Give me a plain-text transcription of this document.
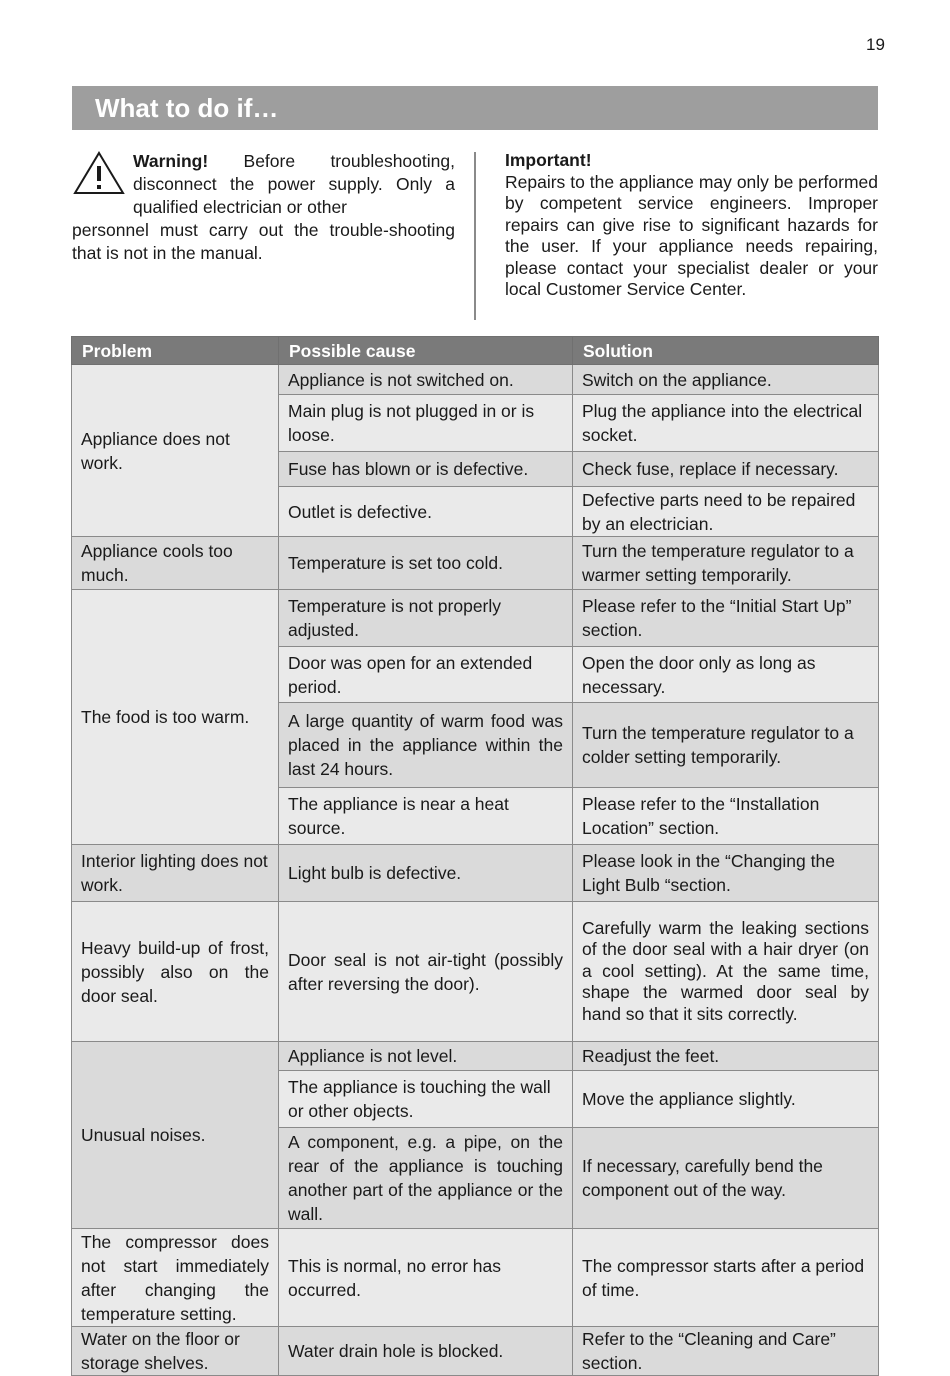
19
What to do if…
Warning! Before troubleshooting, disconnect the power supply. Only a qualified electrician or other
personnel must carry out the trouble-shooting that is not in the manual.
Important!
Repairs to the appliance may only be performed by competent service engineers. Improper repairs can give rise to significant hazards for the user. If your appliance needs repairing, please contact your specialist dealer or your local Customer Service Center.
Problem	Possible cause	Solution
Appliance does not work.	Appliance is not switched on.	Switch on the appliance.
	Main plug is not plugged in or is loose.	Plug the appliance into the electrical socket.
	Fuse has blown or is defective.	Check fuse, replace if necessary.
	Outlet is defective.	Defective parts need to be repaired by an electrician.
Appliance cools too much.	Temperature is set too cold.	Turn the temperature regulator to a warmer setting temporarily.
The food is too warm.	Temperature is not properly adjusted.	Please refer to the “Initial Start Up” section.
	Door was open for an extended period.	Open the door only as long as necessary.
	A large quantity of warm food was placed in the appliance within the last 24 hours.	Turn the temperature regulator to a colder setting temporarily.
	The appliance is near a heat source.	Please refer to the “Installation Location” section.
Interior lighting does not work.	Light bulb is defective.	Please look in the “Changing the Light Bulb “section.
Heavy build-up of frost, possibly also on the door seal.	Door seal is not air-tight (possibly after reversing the door).	Carefully warm the leaking sections of the door seal with a hair dryer (on a cool setting). At the same time, shape the warmed door seal by hand so that it sits correctly.
Unusual noises.	Appliance is not level.	Readjust the feet.
	The appliance is touching the wall or other objects.	Move the appliance slightly.
	A component, e.g. a pipe, on the rear of the appliance is touching another part of the appliance or the wall.	If necessary, carefully bend the component out of the way.
The compressor does not start immediately after changing the temperature setting.	This is normal, no error has occurred.	The compressor starts after a period of time.
Water on the floor or storage shelves.	Water drain hole is blocked.	Refer to the “Cleaning and Care” section.
